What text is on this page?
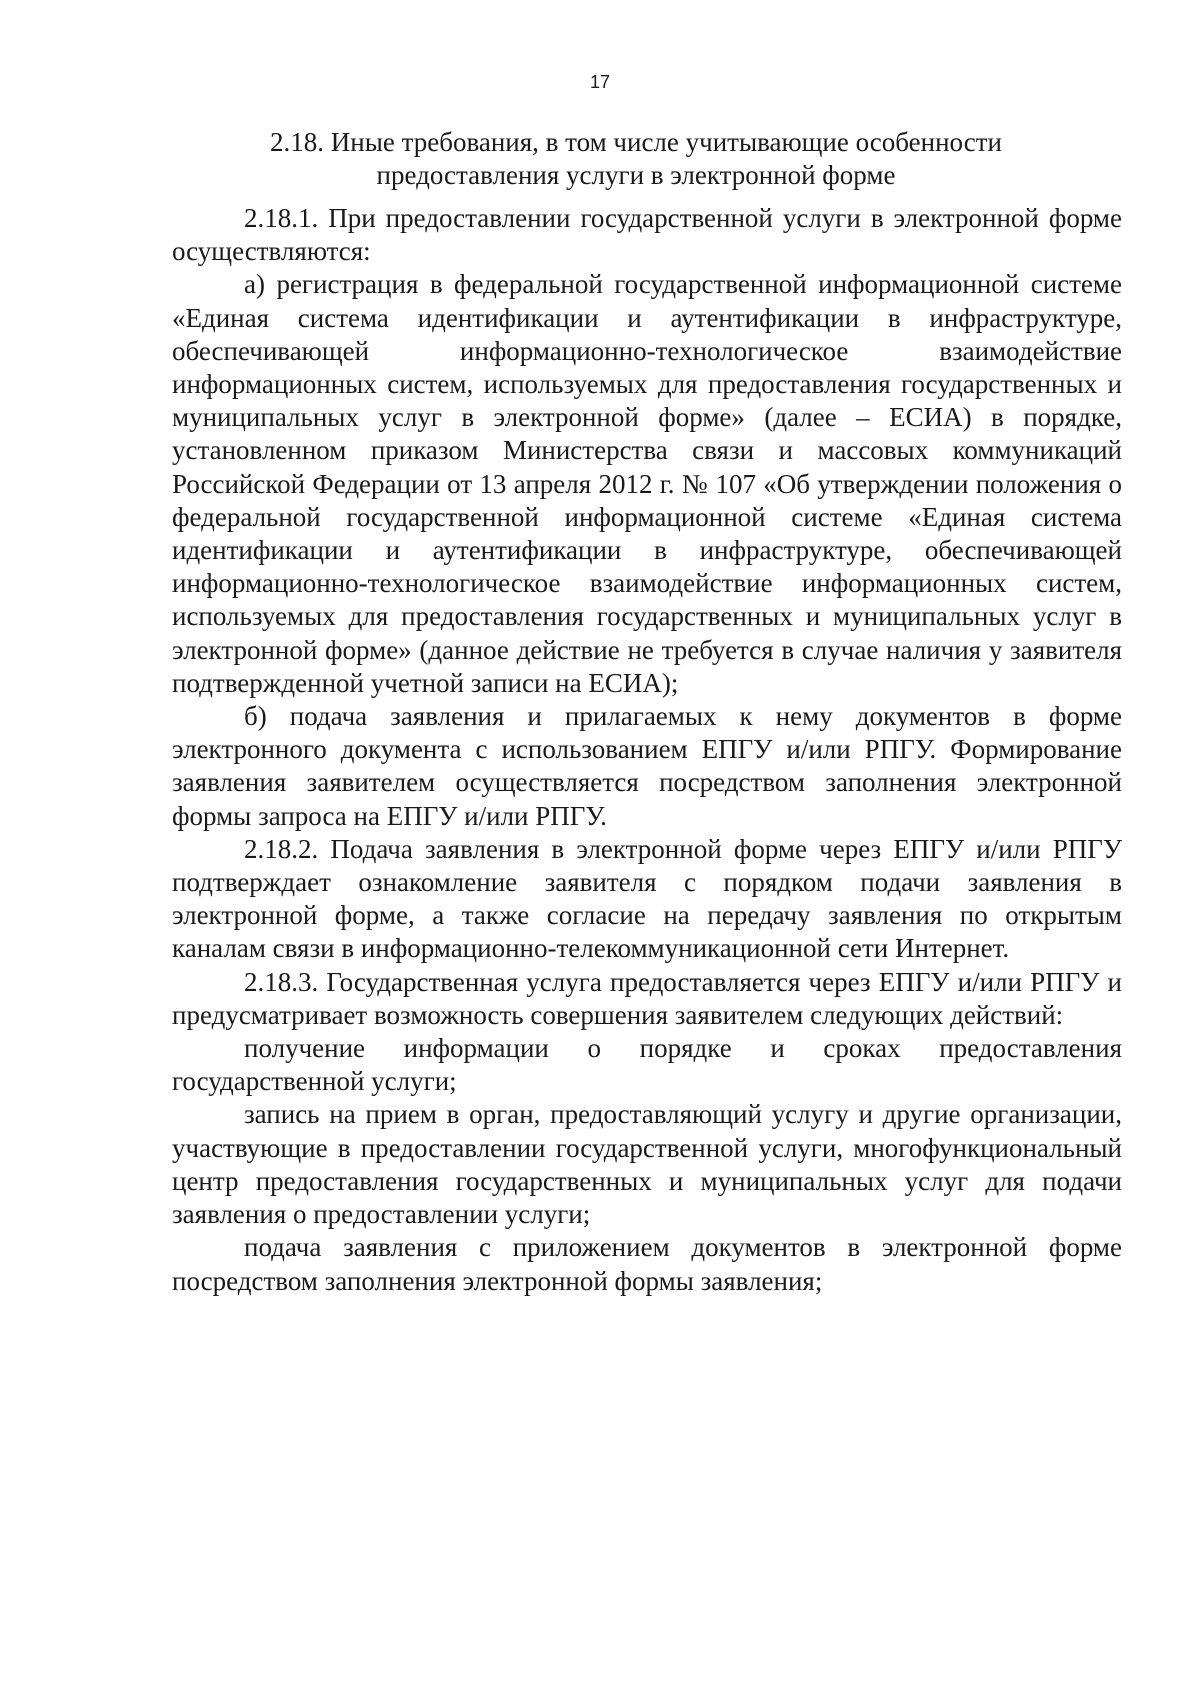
17
2.18. Иные требования, в том числе учитывающие особенности
предоставления услуги в электронной форме

2.18.1. При предоставлении государственной услуги в электронной форме осуществляются:

а) регистрация в федеральной государственной информационной системе «Единая система идентификации и аутентификации в инфраструктуре, обеспечивающей информационно-технологическое взаимодействие информационных систем, используемых для предоставления государственных и муниципальных услуг в электронной форме» (далее – ЕСИА) в порядке, установленном приказом Министерства связи и массовых коммуникаций Российской Федерации от 13 апреля 2012 г. № 107 «Об утверждении положения о федеральной государственной информационной системе «Единая система идентификации и аутентификации в инфраструктуре, обеспечивающей информационно-технологическое взаимодействие информационных систем, используемых для предоставления государственных и муниципальных услуг в электронной форме» (данное действие не требуется в случае наличия у заявителя подтвержденной учетной записи на ЕСИА);

б) подача заявления и прилагаемых к нему документов в форме электронного документа с использованием ЕПГУ и/или РПГУ. Формирование заявления заявителем осуществляется посредством заполнения электронной формы запроса на ЕПГУ и/или РПГУ.

2.18.2. Подача заявления в электронной форме через ЕПГУ и/или РПГУ подтверждает ознакомление заявителя с порядком подачи заявления в электронной форме, а также согласие на передачу заявления по открытым каналам связи в информационно-телекоммуникационной сети Интернет.

2.18.3. Государственная услуга предоставляется через ЕПГУ и/или РПГУ и предусматривает возможность совершения заявителем следующих действий:

получение информации о порядке и сроках предоставления государственной услуги;

запись на прием в орган, предоставляющий услугу и другие организации, участвующие в предоставлении государственной услуги, многофункциональный центр предоставления государственных и муниципальных услуг для подачи заявления о предоставлении услуги;

подача заявления с приложением документов в электронной форме посредством заполнения электронной формы заявления;
